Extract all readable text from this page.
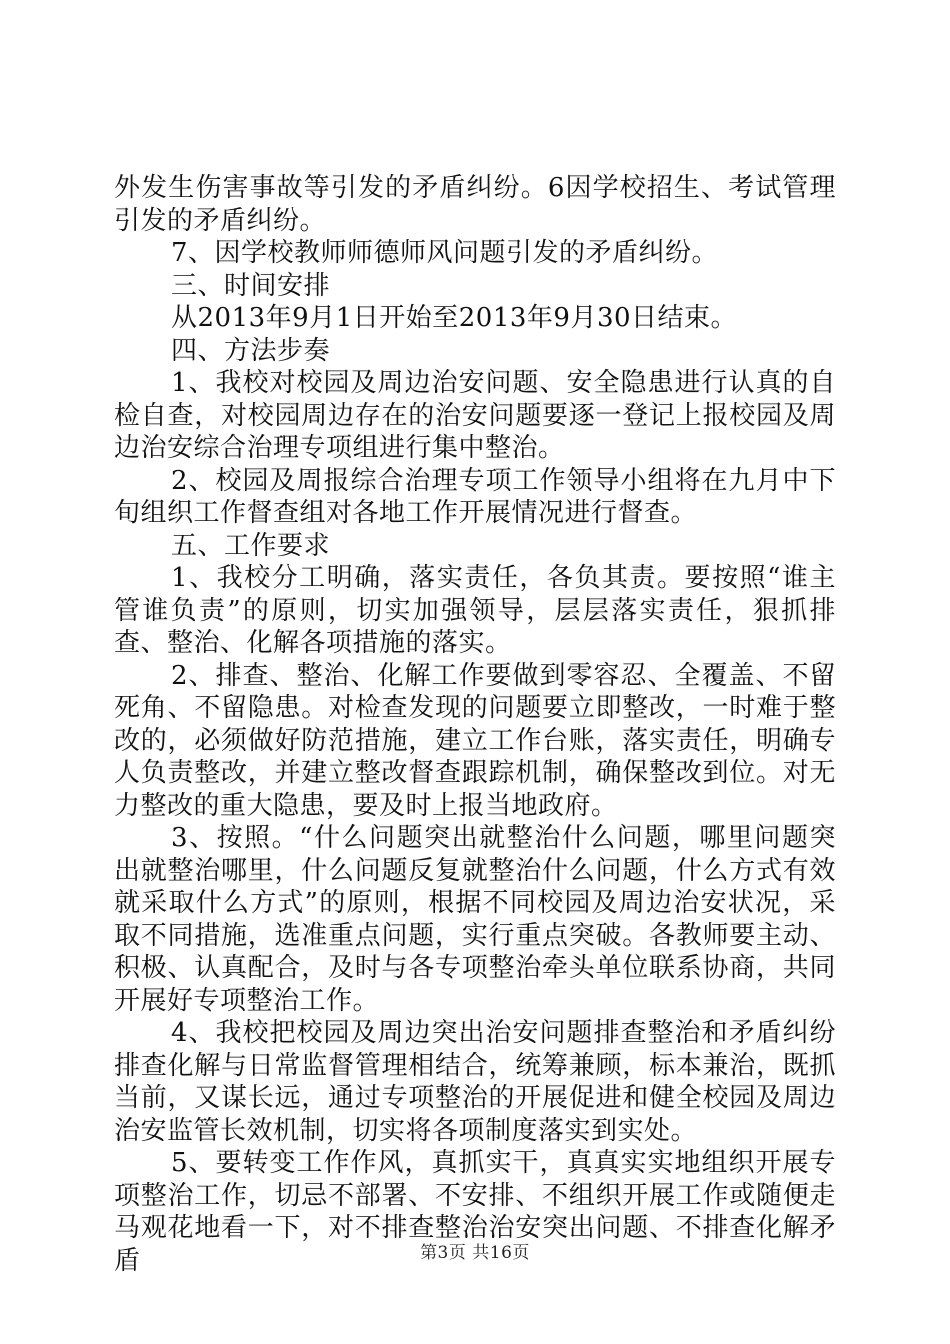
外发生伤害事故等引发的矛盾纠纷。6因学校招生、考试管理引发的矛盾纠纷。

7、因学校教师师德师风问题引发的矛盾纠纷。

三、时间安排

从2013年9月1日开始至2013年9月30日结束。

四、方法步奏

1、我校对校园及周边治安问题、安全隐患进行认真的自检自查，对校园周边存在的治安问题要逐一登记上报校园及周边治安综合治理专项组进行集中整治。

2、校园及周报综合治理专项工作领导小组将在九月中下旬组织工作督查组对各地工作开展情况进行督查。

五、工作要求

1、我校分工明确，落实责任，各负其责。要按照“谁主管谁负责”的原则，切实加强领导，层层落实责任，狠抓排查、整治、化解各项措施的落实。

2、排查、整治、化解工作要做到零容忍、全覆盖、不留死角、不留隐患。对检查发现的问题要立即整改，一时难于整改的，必须做好防范措施，建立工作台账，落实责任，明确专人负责整改，并建立整改督查跟踪机制，确保整改到位。对无力整改的重大隐患，要及时上报当地政府。

3、按照。“什么问题突出就整治什么问题，哪里问题突出就整治哪里，什么问题反复就整治什么问题，什么方式有效就采取什么方式”的原则，根据不同校园及周边治安状况，采取不同措施，选准重点问题，实行重点突破。各教师要主动、积极、认真配合，及时与各专项整治牵头单位联系协商，共同开展好专项整治工作。

4、我校把校园及周边突出治安问题排查整治和矛盾纠纷排查化解与日常监督管理相结合，统筹兼顾，标本兼治，既抓当前，又谋长远，通过专项整治的开展促进和健全校园及周边治安监管长效机制，切实将各项制度落实到实处。

5、要转变工作作风，真抓实干，真真实实地组织开展专项整治工作，切忌不部署、不安排、不组织开展工作或随便走马观花地看一下，对不排查整治治安突出问题、不排查化解矛盾	第3页 共16页
